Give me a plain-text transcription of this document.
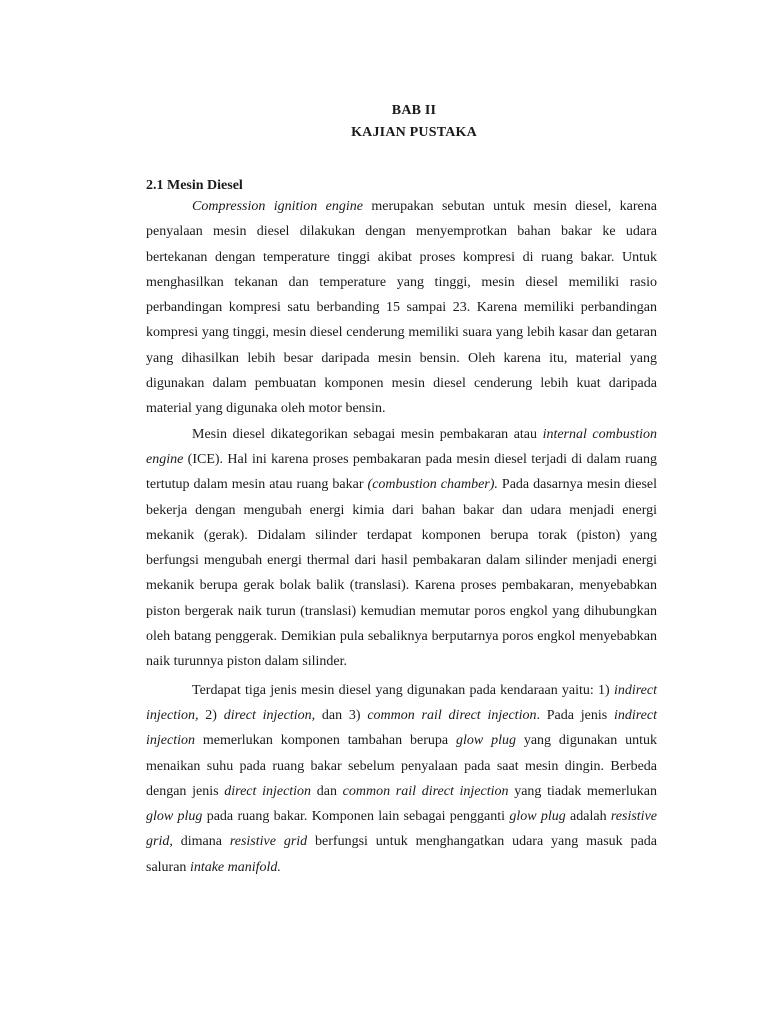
BAB II
KAJIAN PUSTAKA
2.1 Mesin Diesel

Compression ignition engine merupakan sebutan untuk mesin diesel, karena penyalaan mesin diesel dilakukan dengan menyemprotkan bahan bakar ke udara bertekanan dengan temperature tinggi akibat proses kompresi di ruang bakar. Untuk menghasilkan tekanan dan temperature yang tinggi, mesin diesel memiliki rasio perbandingan kompresi satu berbanding 15 sampai 23. Karena memiliki perbandingan kompresi yang tinggi, mesin diesel cenderung memiliki suara yang lebih kasar dan getaran yang dihasilkan lebih besar daripada mesin bensin. Oleh karena itu, material yang digunakan dalam pembuatan komponen mesin diesel cenderung lebih kuat daripada material yang digunaka oleh motor bensin.

Mesin diesel dikategorikan sebagai mesin pembakaran atau internal combustion engine (ICE). Hal ini karena proses pembakaran pada mesin diesel terjadi di dalam ruang tertutup dalam mesin atau ruang bakar (combustion chamber). Pada dasarnya mesin diesel bekerja dengan mengubah energi kimia dari bahan bakar dan udara menjadi energi mekanik (gerak). Didalam silinder terdapat komponen berupa torak (piston) yang berfungsi mengubah energi thermal dari hasil pembakaran dalam silinder menjadi energi mekanik berupa gerak bolak balik (translasi). Karena proses pembakaran, menyebabkan piston bergerak naik turun (translasi) kemudian memutar poros engkol yang dihubungkan oleh batang penggerak. Demikian pula sebaliknya berputarnya poros engkol menyebabkan naik turunnya piston dalam silinder.

Terdapat tiga jenis mesin diesel yang digunakan pada kendaraan yaitu: 1) indirect injection, 2) direct injection, dan 3) common rail direct injection. Pada jenis indirect injection memerlukan komponen tambahan berupa glow plug yang digunakan untuk menaikan suhu pada ruang bakar sebelum penyalaan pada saat mesin dingin. Berbeda dengan jenis direct injection dan common rail direct injection yang tiadak memerlukan glow plug pada ruang bakar. Komponen lain sebagai pengganti glow plug adalah resistive grid, dimana resistive grid berfungsi untuk menghangatkan udara yang masuk pada saluran intake manifold.
